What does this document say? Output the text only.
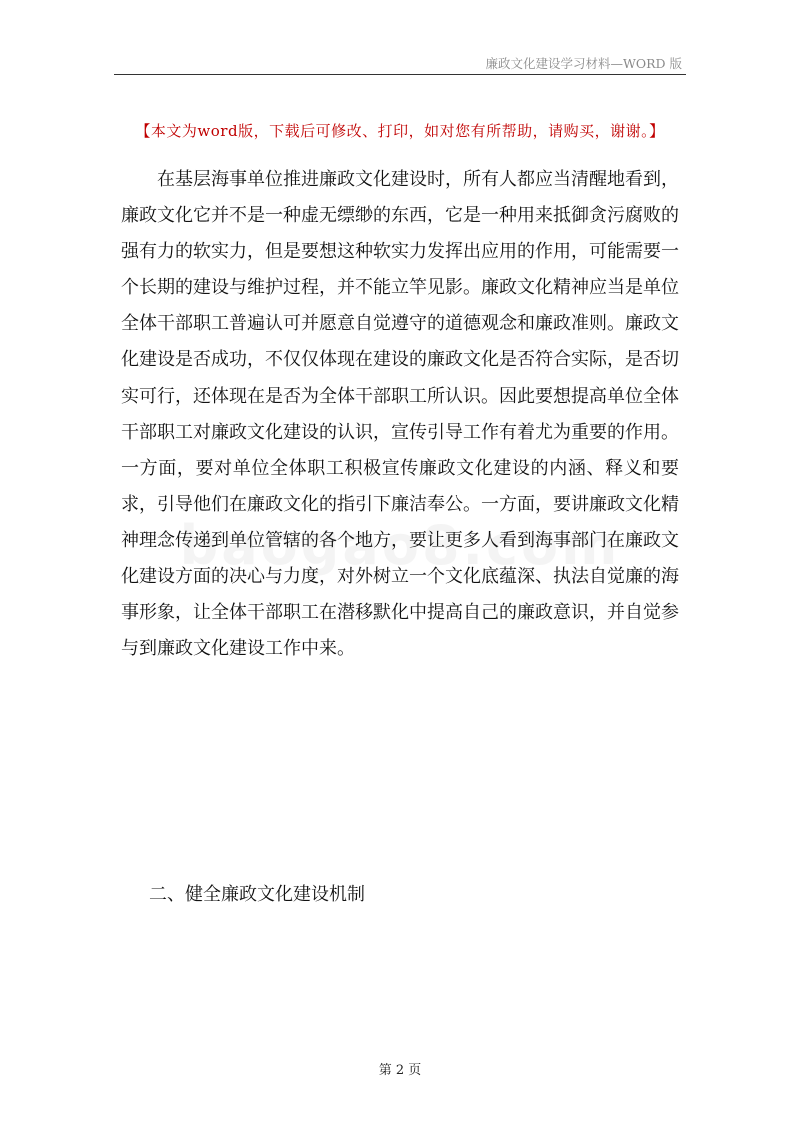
廉政文化建设学习材料—WORD 版
【本文为word版，下载后可修改、打印，如对您有所帮助，请购买，谢谢。】

在基层海事单位推进廉政文化建设时，所有人都应当清醒地看到，廉政文化它并不是一种虚无缥缈的东西，它是一种用来抵御贪污腐败的强有力的软实力，但是要想这种软实力发挥出应用的作用，可能需要一个长期的建设与维护过程，并不能立竿见影。廉政文化精神应当是单位全体干部职工普遍认可并愿意自觉遵守的道德观念和廉政准则。廉政文化建设是否成功，不仅仅体现在建设的廉政文化是否符合实际，是否切实可行，还体现在是否为全体干部职工所认识。因此要想提高单位全体干部职工对廉政文化建设的认识，宣传引导工作有着尤为重要的作用。一方面，要对单位全体职工积极宣传廉政文化建设的内涵、释义和要求，引导他们在廉政文化的指引下廉洁奉公。一方面，要讲廉政文化精神理念传递到单位管辖的各个地方，要让更多人看到海事部门在廉政文化建设方面的决心与力度，对外树立一个文化底蕴深、执法自觉廉的海事形象，让全体干部职工在潜移默化中提高自己的廉政意识，并自觉参与到廉政文化建设工作中来。

二、健全廉政文化建设机制

第 2 页
